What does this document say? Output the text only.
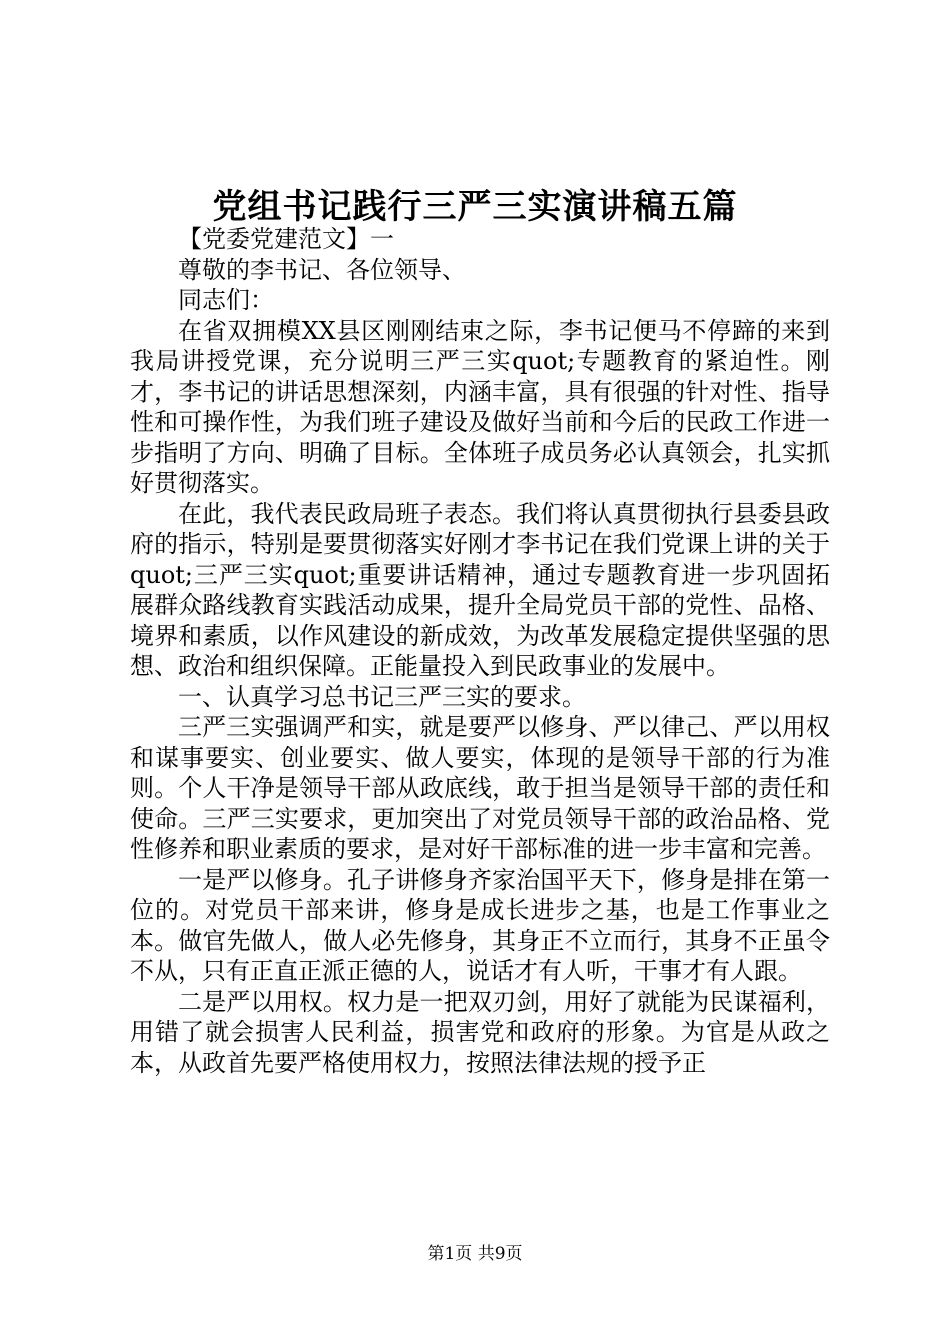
党组书记践行三严三实演讲稿五篇

【党委党建范文】一

尊敬的李书记、各位领导、

同志们：

在省双拥模XX县区刚刚结束之际，李书记便马不停蹄的来到我局讲授党课，充分说明三严三实quot;专题教育的紧迫性。刚才，李书记的讲话思想深刻，内涵丰富，具有很强的针对性、指导性和可操作性，为我们班子建设及做好当前和今后的民政工作进一步指明了方向、明确了目标。全体班子成员务必认真领会，扎实抓好贯彻落实。

在此，我代表民政局班子表态。我们将认真贯彻执行县委县政府的指示，特别是要贯彻落实好刚才李书记在我们党课上讲的关于quot;三严三实quot;重要讲话精神，通过专题教育进一步巩固拓展群众路线教育实践活动成果，提升全局党员干部的党性、品格、境界和素质，以作风建设的新成效，为改革发展稳定提供坚强的思想、政治和组织保障。正能量投入到民政事业的发展中。

一、认真学习总书记三严三实的要求。

三严三实强调严和实，就是要严以修身、严以律己、严以用权和谋事要实、创业要实、做人要实，体现的是领导干部的行为准则。个人干净是领导干部从政底线，敢于担当是领导干部的责任和使命。三严三实要求，更加突出了对党员领导干部的政治品格、党性修养和职业素质的要求，是对好干部标准的进一步丰富和完善。

一是严以修身。孔子讲修身齐家治国平天下，修身是排在第一位的。对党员干部来讲，修身是成长进步之基，也是工作事业之本。做官先做人，做人必先修身，其身正不立而行，其身不正虽令不从，只有正直正派正德的人，说话才有人听，干事才有人跟。

二是严以用权。权力是一把双刃剑，用好了就能为民谋福利，用错了就会损害人民利益，损害党和政府的形象。为官是从政之本，从政首先要严格使用权力，按照法律法规的授予正

第1页 共9页
